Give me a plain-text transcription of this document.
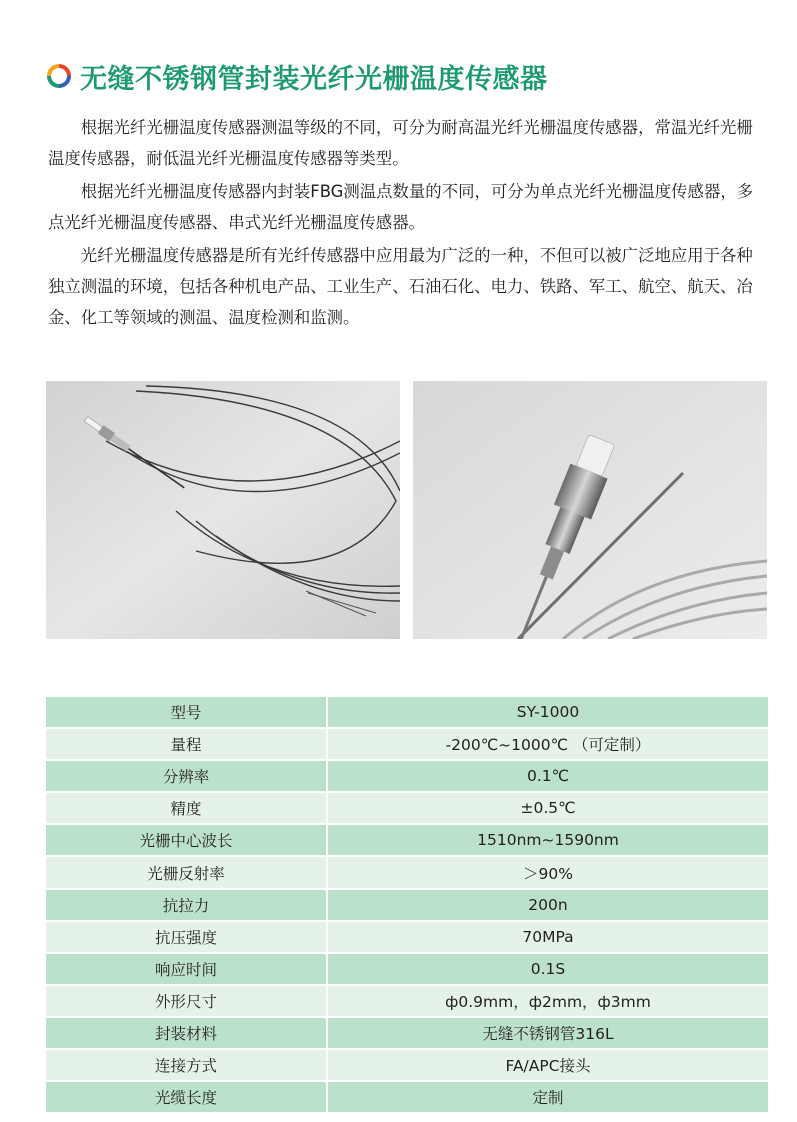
无缝不锈钢管封装光纤光栅温度传感器

根据光纤光栅温度传感器测温等级的不同，可分为耐高温光纤光栅温度传感器，常温光纤光栅温度传感器，耐低温光纤光栅温度传感器等类型。

根据光纤光栅温度传感器内封装FBG测温点数量的不同，可分为单点光纤光栅温度传感器，多点光纤光栅温度传感器、串式光纤光栅温度传感器。

光纤光栅温度传感器是所有光纤传感器中应用最为广泛的一种，不但可以被广泛地应用于各种独立测温的环境，包括各种机电产品、工业生产、石油石化、电力、铁路、军工、航空、航天、冶金、化工等领域的测温、温度检测和监测。

型号	SY-1000
量程	-200℃~1000℃ （可定制）
分辨率	0.1℃
精度	±0.5℃
光栅中心波长	1510nm~1590nm
光栅反射率	＞90%
抗拉力	200n
抗压强度	70MPa
响应时间	0.1S
外形尺寸	ф0.9mm，ф2mm，ф3mm
封装材料	无缝不锈钢管316L
连接方式	FA/APC接头
光缆长度	定制
